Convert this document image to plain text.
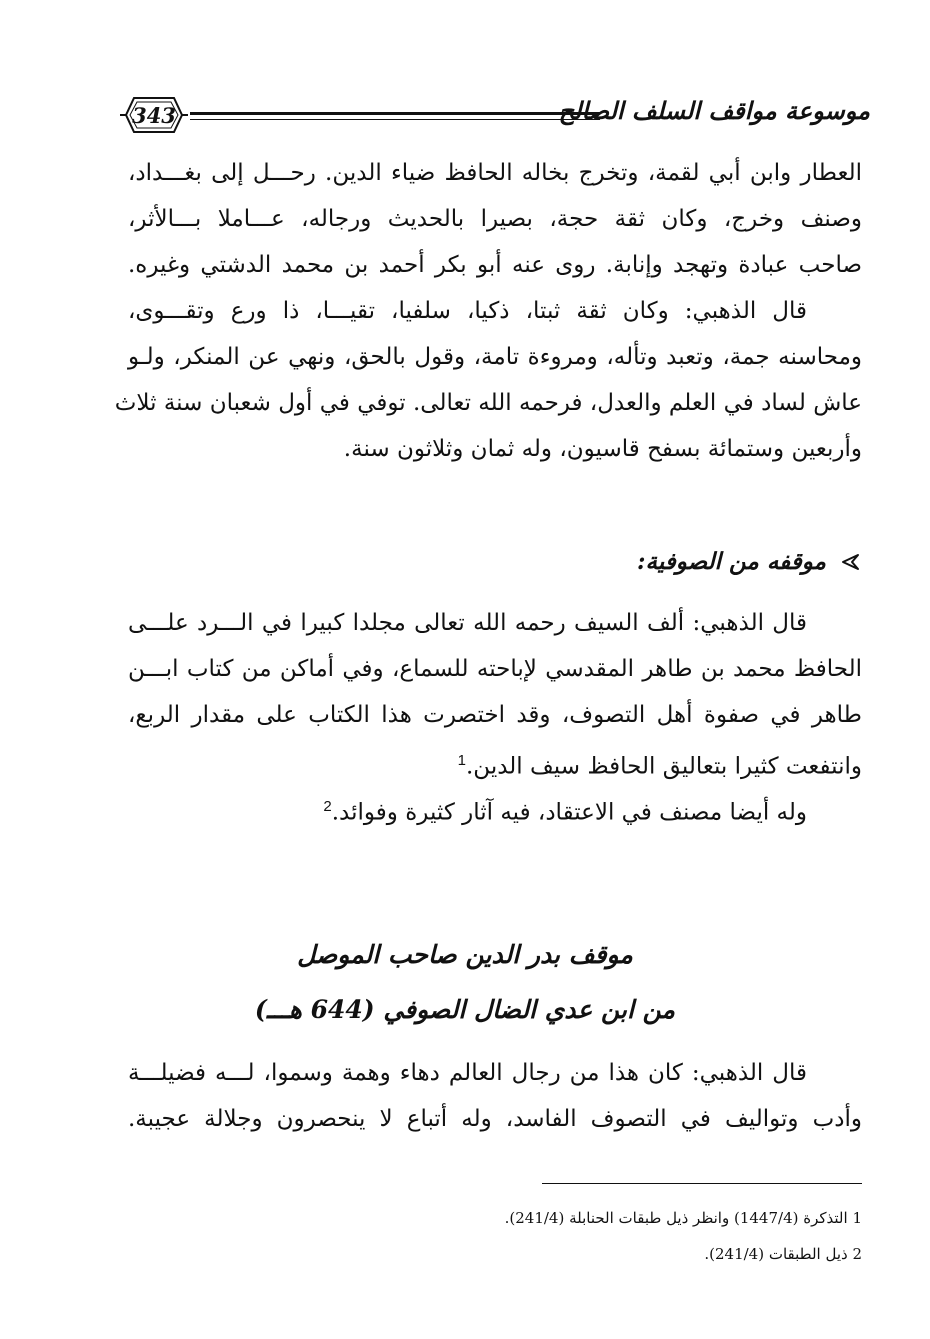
343	موسوعة مواقف السلف الصالح
العطار وابن أبي لقمة، وتخرج بخاله الحافظ ضياء الدين. رحـــل إلى بغـــداد،
وصنف وخرج، وكان ثقة حجة، بصيرا بالحديث ورجاله، عـــاملا بـــالأثر،
صاحب عبادة وتهجد وإنابة. روى عنه أبو بكر أحمد بن محمد الدشتي وغيره.
قال الذهبي: وكان ثقة ثبتا، ذكيا، سلفيا، تقيـــا، ذا ورع وتقـــوى،
ومحاسنه جمة، وتعبد وتأله، ومروءة تامة، وقول بالحق، ونهي عن المنكر، ولـو
عاش لساد في العلم والعدل، فرحمه الله تعالى. توفي في أول شعبان سنة ثلاث
وأربعين وستمائة بسفح قاسيون، وله ثمان وثلاثون سنة.
موقفه من الصوفية:
قال الذهبي: ألف السيف رحمه الله تعالى مجلدا كبيرا في الـــرد علـــى
الحافظ محمد بن طاهر المقدسي لإباحته للسماع، وفي أماكن من كتاب ابـــن
طاهر في صفوة أهل التصوف، وقد اختصرت هذا الكتاب على مقدار الربع،
وانتفعت كثيرا بتعاليق الحافظ سيف الدين.$^1$
وله أيضا مصنف في الاعتقاد، فيه آثار كثيرة وفوائد.$^2$
موقف بدر الدين صاحب الموصل
من ابن عدي الضال الصوفي (644 هـــ)
قال الذهبي: كان هذا من رجال العالم دهاء وهمة وسموا، لـــه فضيلـــة
وأدب وتواليف في التصوف الفاسد، وله أتباع لا ينحصرون وجلالة عجيبة.
1 التذكرة (1447/4) وانظر ذيل طبقات الحنابلة (241/4).
2 ذيل الطبقات (241/4).
